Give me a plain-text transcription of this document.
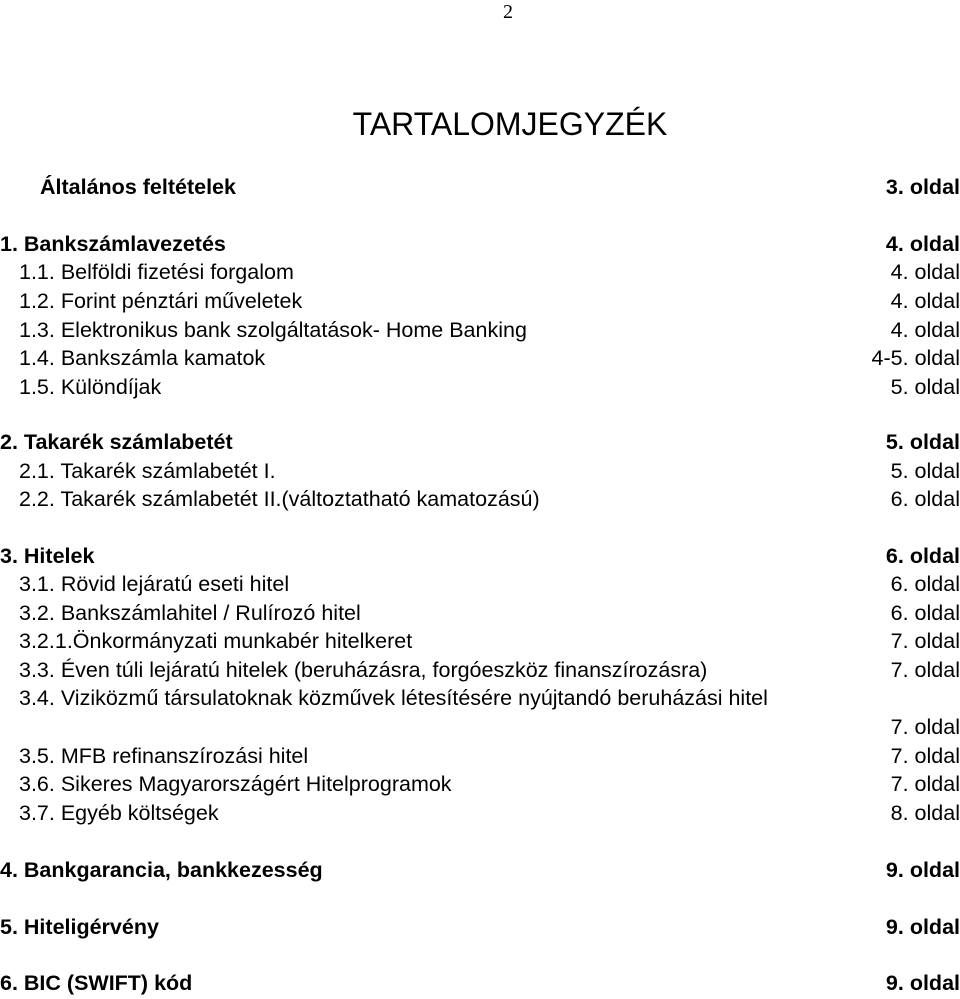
2
TARTALOMJEGYZÉK
Általános feltételek	3. oldal
1. Bankszámlavezetés	4. oldal
1.1. Belföldi fizetési forgalom	4. oldal
1.2. Forint pénztári műveletek	4. oldal
1.3. Elektronikus bank szolgáltatások- Home Banking	4. oldal
1.4. Bankszámla kamatok	4-5. oldal
1.5. Különdíjak	5. oldal
2. Takarék számlabetét	5. oldal
2.1. Takarék számlabetét I.	5. oldal
2.2. Takarék számlabetét II.(változtatható kamatozású)	6. oldal
3. Hitelek	6. oldal
3.1. Rövid lejáratú eseti hitel	6. oldal
3.2. Bankszámlahitel / Rulírozó hitel	6. oldal
3.2.1.Önkormányzati munkabér hitelkeret	7. oldal
3.3. Éven túli lejáratú hitelek (beruházásra, forgóeszköz finanszírozásra)	7. oldal
3.4. Viziközmű társulatoknak közművek létesítésére nyújtandó beruházási hitel
7. oldal
3.5. MFB refinanszírozási hitel	7. oldal
3.6. Sikeres Magyarországért Hitelprogramok	7. oldal
3.7. Egyéb költségek	8. oldal
4. Bankgarancia, bankkezesség	9. oldal
5. Hiteligérvény	9. oldal
6. BIC (SWIFT) kód	9. oldal
